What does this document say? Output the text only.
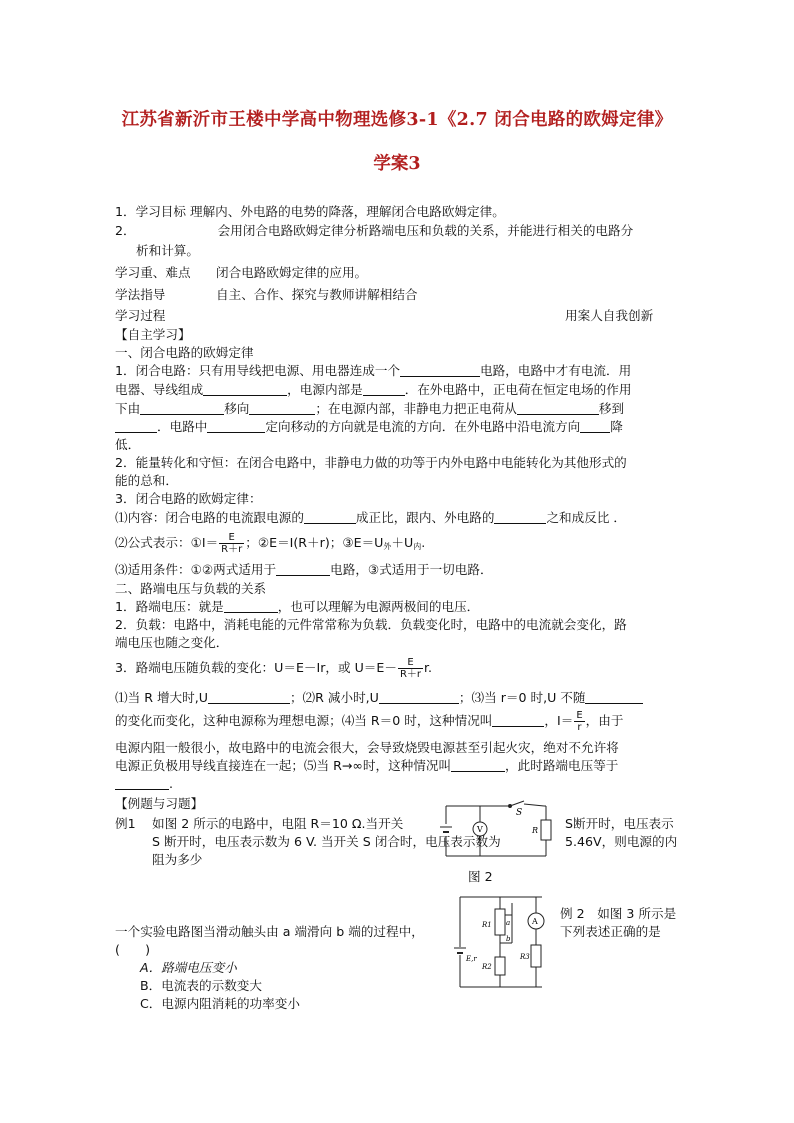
江苏省新沂市王楼中学高中物理选修3-1《2.7 闭合电路的欧姆定律》
学案3
1．学习目标 理解内、外电路的电势的降落，理解闭合电路欧姆定律。
2．	会用闭合电路欧姆定律分析路端电压和负载的关系，并能进行相关的电路分
析和计算。
学习重、难点 闭合电路欧姆定律的应用。
学法指导	自主、合作、探究与教师讲解相结合
学习过程	用案人自我创新
【自主学习】
一、闭合电路的欧姆定律
1．闭合电路：只有用导线把电源、用电器连成一个	电路，电路中才有电流．用
电器、导线组成	，电源内部是	．在外电路中，正电荷在恒定电场的作用
下由	移向	；在电源内部，非静电力把正电荷从	移到
．电路中	定向移动的方向就是电流的方向．在外电路中沿电流方向 降
低．
2．能量转化和守恒：在闭合电路中，非静电力做的功等于内外电路中电能转化为其他形式的
能的总和．
3．闭合电路的欧姆定律：
⑴内容：闭合电路的电流跟电源的	成正比，跟内、外电路的	之和成反比 ．
⑵公式表示：①I＝ $\frac{E}{R+r}$ ；②E＝I(R＋r)；$③E=U_外+U_内$.
⑶适用条件：①②两式适用于	电路，③式适用于一切电路．
二、路端电压与负载的关系
1．路端电压：就是	，也可以理解为电源两极间的电压．
2．负载：电路中，消耗电能的元件常常称为负载．负载变化时，电路中的电流就会变化，路
端电压也随之变化．
3．路端电压随负载的变化：U＝E－Ir，或 $U=E- \frac{E}{R+r} r$.
⑴当 R 增大时,U	；⑵R 减小时,U	；⑶当 r＝0 时,U 不随
的变化而变化，这种电源称为理想电源；⑷当 R＝0 时，这种情况叫	，$I= \frac{E}{r}$ ，由于
电源内阻一般很小，故电路中的电流会很大，会导致烧毁电源甚至引起火灾，绝对不允许将
电源正负极用导线直接连在一起；⑸当 R→∞时，这种情况叫	，此时路端电压等于
.
【例题与习题】
例1 如图 2 所示的电路中，电阻 R＝10 Ω.当开关
S 断开时，电压表示数为 6 V. 当开关 S 闭合时，电压表示数为
阻为多少
S断开时，电压表示
5.46V，则电源的内
V
S
R
图 2
A
a
b
R1
R2
R3
E,r
例 2　如图 3 所示是
下列表述正确的是
一个实验电路图当滑动触头由 a 端滑向 b 端的过程中，
(　　)
A．路端电压变小
B．电流表的示数变大
C．电源内阻消耗的功率变小
